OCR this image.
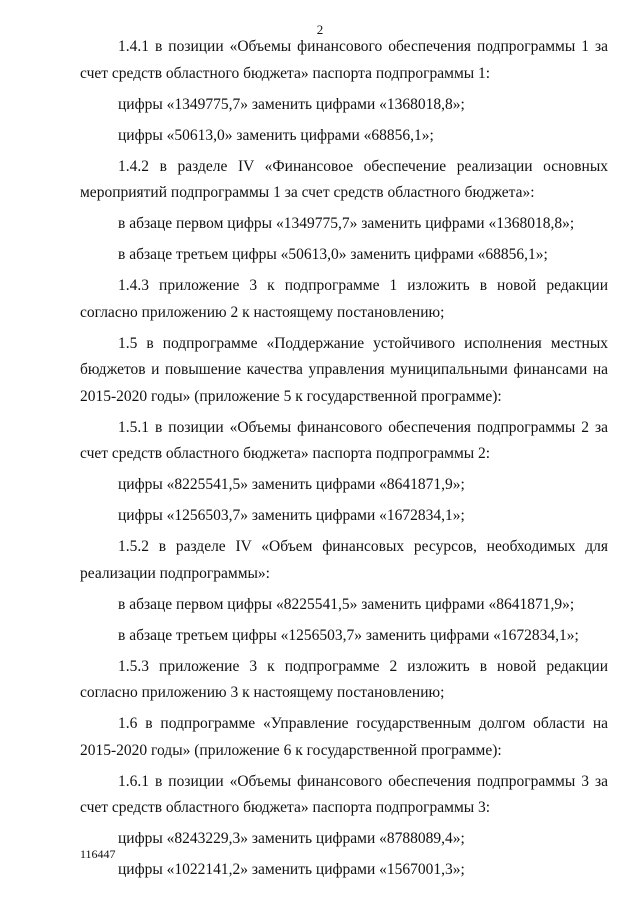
2

1.4.1 в позиции «Объемы финансового обеспечения подпрограммы 1 за счет средств областного бюджета» паспорта подпрограммы 1:

цифры «1349775,7» заменить цифрами «1368018,8»;

цифры «50613,0» заменить цифрами «68856,1»;

1.4.2 в разделе IV «Финансовое обеспечение реализации основных мероприятий подпрограммы 1 за счет средств областного бюджета»:

в абзаце первом цифры «1349775,7» заменить цифрами «1368018,8»;

в абзаце третьем цифры «50613,0» заменить цифрами «68856,1»;

1.4.3 приложение 3 к подпрограмме 1 изложить в новой редакции согласно приложению 2 к настоящему постановлению;

1.5 в подпрограмме «Поддержание устойчивого исполнения местных бюджетов и повышение качества управления муниципальными финансами на 2015-2020 годы» (приложение 5 к государственной программе):

1.5.1 в позиции «Объемы финансового обеспечения подпрограммы 2 за счет средств областного бюджета» паспорта подпрограммы 2:

цифры «8225541,5» заменить цифрами «8641871,9»;

цифры «1256503,7» заменить цифрами «1672834,1»;

1.5.2 в разделе IV «Объем финансовых ресурсов, необходимых для реализации подпрограммы»:

в абзаце первом цифры «8225541,5» заменить цифрами «8641871,9»;

в абзаце третьем цифры «1256503,7» заменить цифрами «1672834,1»;

1.5.3 приложение 3 к подпрограмме 2 изложить в новой редакции согласно приложению 3 к настоящему постановлению;

1.6 в подпрограмме «Управление государственным долгом области на 2015-2020 годы» (приложение 6 к государственной программе):

1.6.1 в позиции «Объемы финансового обеспечения подпрограммы 3 за счет средств областного бюджета» паспорта подпрограммы 3:

цифры «8243229,3» заменить цифрами «8788089,4»;

цифры «1022141,2» заменить цифрами «1567001,3»;

116447
